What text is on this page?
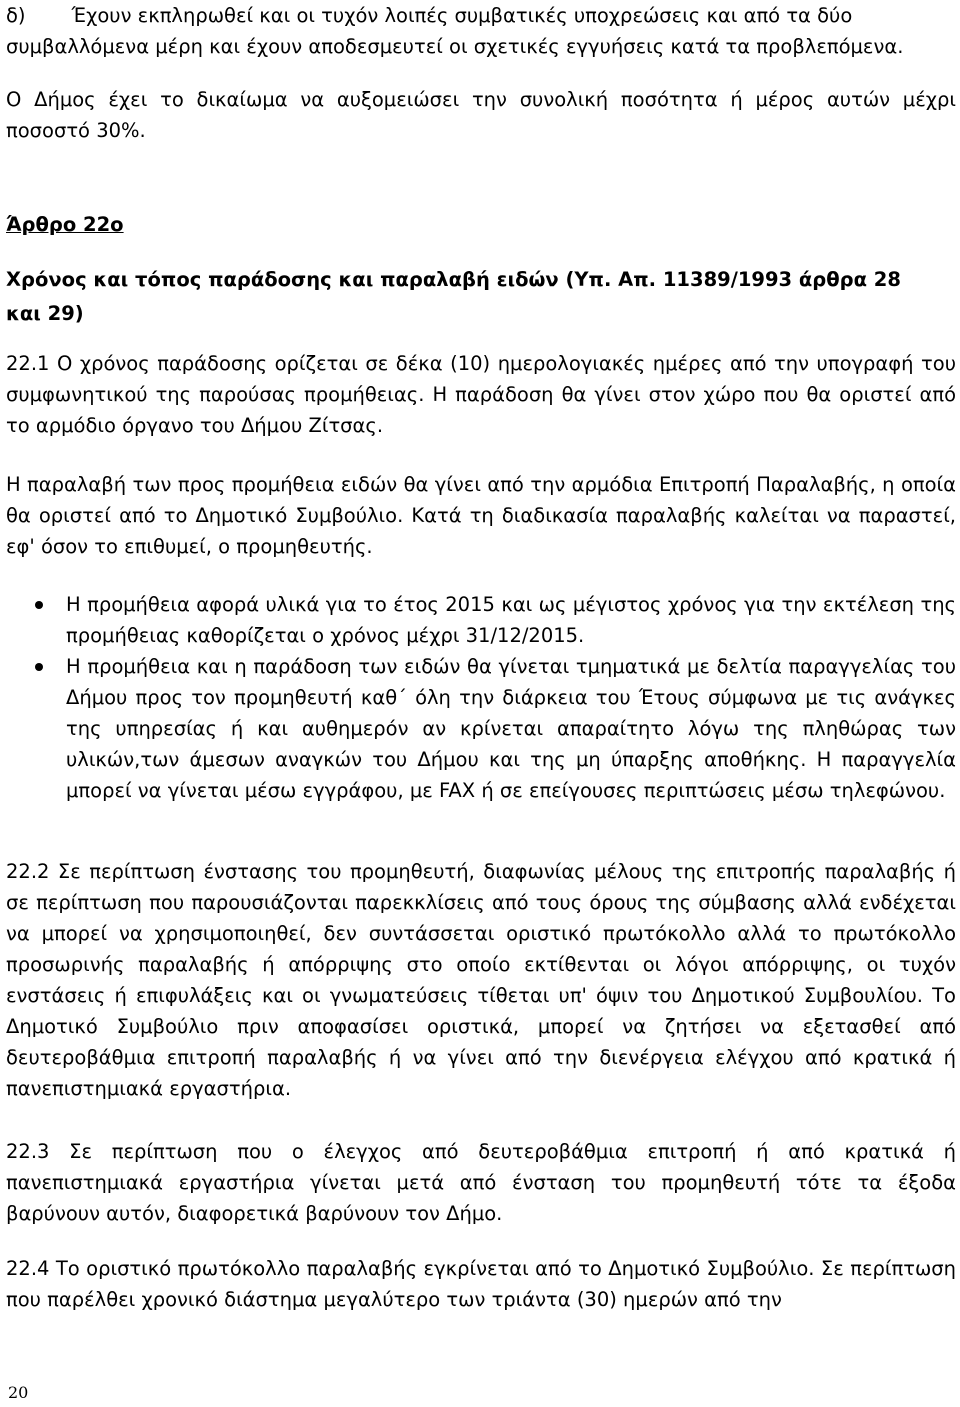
δ) Έχουν εκπληρωθεί και οι τυχόν λοιπές συμβατικές υποχρεώσεις και από τα δύο

συμβαλλόμενα μέρη και έχουν αποδεσμευτεί οι σχετικές εγγυήσεις κατά τα προβλεπόμενα.

Ο Δήμος έχει το δικαίωμα να αυξομειώσει την συνολική ποσότητα ή μέρος αυτών μέχρι ποσοστό 30%.

Άρθρο 22ο

Χρόνος και τόπος παράδοσης και παραλαβή ειδών (Υπ. Απ. 11389/1993 άρθρα 28

και 29)

22.1 Ο χρόνος παράδοσης ορίζεται σε δέκα (10) ημερολογιακές ημέρες από την υπογραφή του συμφωνητικού της παρούσας προμήθειας. Η παράδοση θα γίνει στον χώρο που θα οριστεί από το αρμόδιο όργανο του Δήμου Ζίτσας.

Η παραλαβή των προς προμήθεια ειδών θα γίνει από την αρμόδια Επιτροπή Παραλαβής, η οποία θα οριστεί από το Δημοτικό Συμβούλιο. Κατά τη διαδικασία παραλαβής καλείται να παραστεί, εφ' όσον το επιθυμεί, ο προμηθευτής.

Η προμήθεια αφορά υλικά για το έτος 2015 και ως μέγιστος χρόνος για την εκτέλεση της προμήθειας καθορίζεται ο χρόνος μέχρι 31/12/2015.
Η προμήθεια και η παράδοση των ειδών θα γίνεται τμηματικά με δελτία παραγγελίας του Δήμου προς τον προμηθευτή καθ΄ όλη την διάρκεια του Έτους σύμφωνα με τις ανάγκες της υπηρεσίας ή και αυθημερόν αν κρίνεται απαραίτητο λόγω της πληθώρας των υλικών,των άμεσων αναγκών του Δήμου και της μη ύπαρξης αποθήκης. Η παραγγελία μπορεί να γίνεται μέσω εγγράφου, με FAX ή σε επείγουσες περιπτώσεις μέσω τηλεφώνου.

22.2 Σε περίπτωση ένστασης του προμηθευτή, διαφωνίας μέλους της επιτροπής παραλαβής ή σε περίπτωση που παρουσιάζονται παρεκκλίσεις από τους όρους της σύμβασης αλλά ενδέχεται να μπορεί να χρησιμοποιηθεί, δεν συντάσσεται οριστικό πρωτόκολλο αλλά το πρωτόκολλο προσωρινής παραλαβής ή απόρριψης στο οποίο εκτίθενται οι λόγοι απόρριψης, οι τυχόν ενστάσεις ή επιφυλάξεις και οι γνωματεύσεις τίθεται υπ' όψιν του Δημοτικού Συμβουλίου. Το Δημοτικό Συμβούλιο πριν αποφασίσει οριστικά, μπορεί να ζητήσει να εξετασθεί από δευτεροβάθμια επιτροπή παραλαβής ή να γίνει από την διενέργεια ελέγχου από κρατικά ή πανεπιστημιακά εργαστήρια.

22.3 Σε περίπτωση που ο έλεγχος από δευτεροβάθμια επιτροπή ή από κρατικά ή πανεπιστημιακά εργαστήρια γίνεται μετά από ένσταση του προμηθευτή τότε τα έξοδα βαρύνουν αυτόν, διαφορετικά βαρύνουν τον Δήμο.

22.4 Το οριστικό πρωτόκολλο παραλαβής εγκρίνεται από το Δημοτικό Συμβούλιο. Σε περίπτωση που παρέλθει χρονικό διάστημα μεγαλύτερο των τριάντα (30) ημερών από την

20
